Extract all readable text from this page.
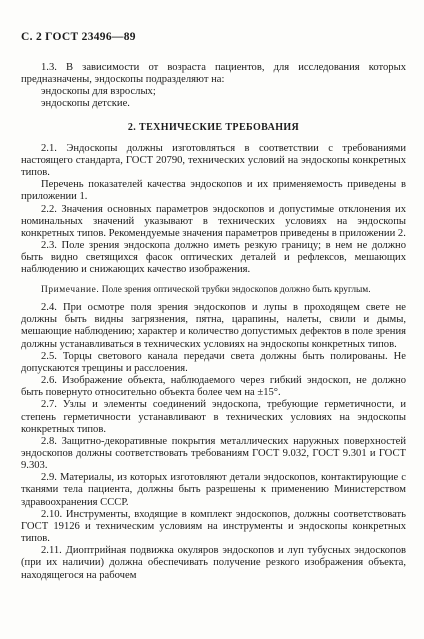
С. 2 ГОСТ 23496—89

1.3. В зависимости от возраста пациентов, для исследования которых предназначены, эндоскопы подразделяют на:

эндоскопы для взрослых;

эндоскопы детские.

2. ТЕХНИЧЕСКИЕ ТРЕБОВАНИЯ

2.1. Эндоскопы должны изготовляться в соответствии с требованиями настоящего стандарта, ГОСТ 20790, технических условий на эндоскопы конкретных типов.

Перечень показателей качества эндоскопов и их применяемость приведены в приложении 1.

2.2. Значения основных параметров эндоскопов и допустимые отклонения их номинальных значений указывают в технических условиях на эндоскопы конкретных типов. Рекомендуемые значения параметров приведены в приложении 2.

2.3. Поле зрения эндоскопа должно иметь резкую границу; в нем не должно быть видно светящихся фасок оптических деталей и рефлексов, мешающих наблюдению и снижающих качество изображения.

Примечание. Поле зрения оптической трубки эндоскопов должно быть круглым.

2.4. При осмотре поля зрения эндоскопов и лупы в проходящем свете не должны быть видны загрязнения, пятна, царапины, налеты, свили и дымы, мешающие наблюдению; характер и количество допустимых дефектов в поле зрения должны устанавливаться в технических условиях на эндоскопы конкретных типов.

2.5. Торцы светового канала передачи света должны быть полированы. Не допускаются трещины и расслоения.

2.6. Изображение объекта, наблюдаемого через гибкий эндоскоп, не должно быть повернуто относительно объекта более чем на ±15°.

2.7. Узлы и элементы соединений эндоскопа, требующие герметичности, и степень герметичности устанавливают в технических условиях на эндоскопы конкретных типов.

2.8. Защитно-декоративные покрытия металлических наружных поверхностей эндоскопов должны соответствовать требованиям ГОСТ 9.032, ГОСТ 9.301 и ГОСТ 9.303.

2.9. Материалы, из которых изготовляют детали эндоскопов, контактирующие с тканями тела пациента, должны быть разрешены к применению Министерством здравоохранения СССР.

2.10. Инструменты, входящие в комплект эндоскопов, должны соответствовать ГОСТ 19126 и техническим условиям на инструменты и эндоскопы конкретных типов.

2.11. Диоптрийная подвижка окуляров эндоскопов и луп тубусных эндоскопов (при их наличии) должна обеспечивать получение резкого изображения объекта, находящегося на рабочем
